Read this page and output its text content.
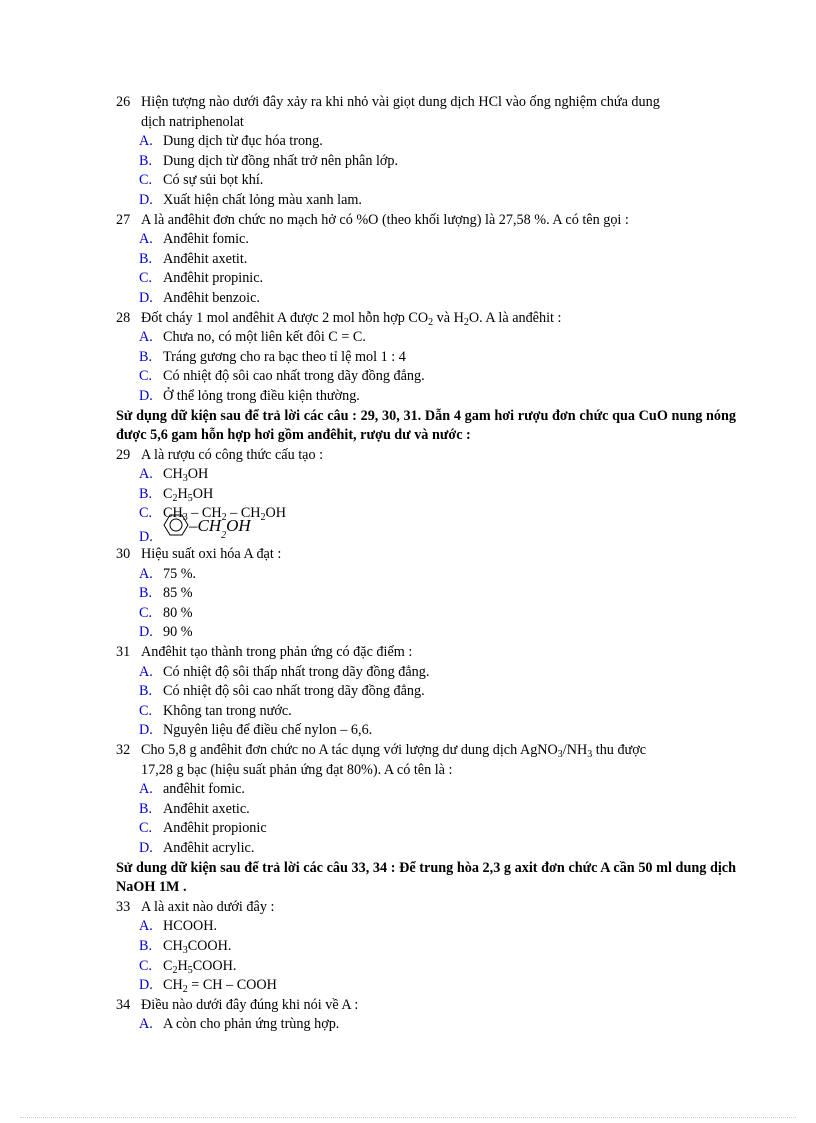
26 Hiện tượng nào dưới đây xảy ra khi nhỏ vài giọt dung dịch HCl vào ống nghiệm chứa dung
dịch natriphenolat
A. Dung dịch từ đục hóa trong.
B. Dung dịch từ đồng nhất trở nên phân lớp.
C. Có sự sủi bọt khí.
D. Xuất hiện chất lỏng màu xanh lam.
27 A là anđêhit đơn chức no mạch hở có %O (theo khối lượng) là 27,58 %. A có tên gọi :
A. Anđêhit fomic.
B. Anđêhit axetit.
C. Anđêhit propinic.
D. Anđêhit benzoic.
28 Đốt cháy 1 mol anđêhit A được 2 mol hỗn hợp $CO_2$ và $H_2O$. A là anđêhit :
A. Chưa no, có một liên kết đôi C = C.
B. Tráng gương cho ra bạc theo tỉ lệ mol 1 : 4
C. Có nhiệt độ sôi cao nhất trong dãy đồng đẳng.
D. Ở thể lỏng trong điều kiện thường.
Sử dụng dữ kiện sau để trả lời các câu : 29, 30, 31. Dẫn 4 gam hơi rượu đơn chức qua CuO nung nóng được 5,6 gam hỗn hợp hơi gồm anđêhit, rượu dư và nước :
29 A là rượu có công thức cấu tạo :
A. $CH_3OH$
B. $C_2H_5OH$
C. $CH_3 - CH_2 - CH_2OH$
D.
–CH
2
OH
30 Hiệu suất oxi hóa A đạt :
A. 75 %.
B. 85 %
C. 80 %
D. 90 %
31 Anđêhit tạo thành trong phản ứng có đặc điểm :
A. Có nhiệt độ sôi thấp nhất trong dãy đồng đẳng.
B. Có nhiệt độ sôi cao nhất trong dãy đồng đẳng.
C. Không tan trong nước.
D. Nguyên liệu để điều chế nylon – 6,6.
32 Cho 5,8 g anđêhit đơn chức no A tác dụng với lượng dư dung dịch $AgNO_3/NH_3$ thu được
17,28 g bạc (hiệu suất phản ứng đạt 80%). A có tên là :
A. anđêhit fomic.
B. Anđêhit axetic.
C. Anđêhit propionic
D. Anđêhit acrylic.
Sử dung dữ kiện sau để trả lời các câu 33, 34 : Để trung hòa 2,3 g axit đơn chức A cần 50 ml dung dịch NaOH 1M .
33 A là axit nào dưới đây :
A. HCOOH.
B. $CH_3COOH$.
C. $C_2H_5COOH$.
D. $CH_2$ = CH – COOH
34 Điều nào dưới đây đúng khi nói về A :
A. A còn cho phản ứng trùng hợp.
